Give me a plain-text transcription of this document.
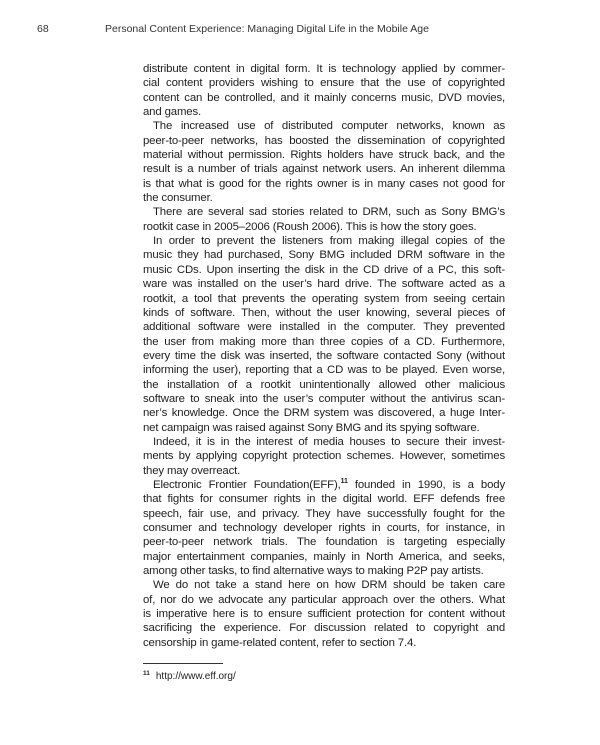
68	Personal Content Experience: Managing Digital Life in the Mobile Age
distribute content in digital form. It is technology applied by commer-
cial content providers wishing to ensure that the use of copyrighted
content can be controlled, and it mainly concerns music, DVD movies,
and games.
The increased use of distributed computer networks, known as
peer-to-peer networks, has boosted the dissemination of copyrighted
material without permission. Rights holders have struck back, and the
result is a number of trials against network users. An inherent dilemma
is that what is good for the rights owner is in many cases not good for
the consumer.
There are several sad stories related to DRM, such as Sony BMG’s
rootkit case in 2005–2006 (Roush 2006). This is how the story goes.
In order to prevent the listeners from making illegal copies of the
music they had purchased, Sony BMG included DRM software in the
music CDs. Upon inserting the disk in the CD drive of a PC, this soft-
ware was installed on the user’s hard drive. The software acted as a
rootkit, a tool that prevents the operating system from seeing certain
kinds of software. Then, without the user knowing, several pieces of
additional software were installed in the computer. They prevented
the user from making more than three copies of a CD. Furthermore,
every time the disk was inserted, the software contacted Sony (without
informing the user), reporting that a CD was to be played. Even worse,
the installation of a rootkit unintentionally allowed other malicious
software to sneak into the user’s computer without the antivirus scan-
ner’s knowledge. Once the DRM system was discovered, a huge Inter-
net campaign was raised against Sony BMG and its spying software.
Indeed, it is in the interest of media houses to secure their invest-
ments by applying copyright protection schemes. However, sometimes
they may overreact.
Electronic Frontier Foundation(EFF),$^{11}$ founded in 1990, is a body
that fights for consumer rights in the digital world. EFF defends free
speech, fair use, and privacy. They have successfully fought for the
consumer and technology developer rights in courts, for instance, in
peer-to-peer network trials. The foundation is targeting especially
major entertainment companies, mainly in North America, and seeks,
among other tasks, to find alternative ways to making P2P pay artists.
We do not take a stand here on how DRM should be taken care
of, nor do we advocate any particular approach over the others. What
is imperative here is to ensure sufficient protection for content without
sacrificing the experience. For discussion related to copyright and
censorship in game-related content, refer to section 7.4.
$^{11}$ http://www.eff.org/
